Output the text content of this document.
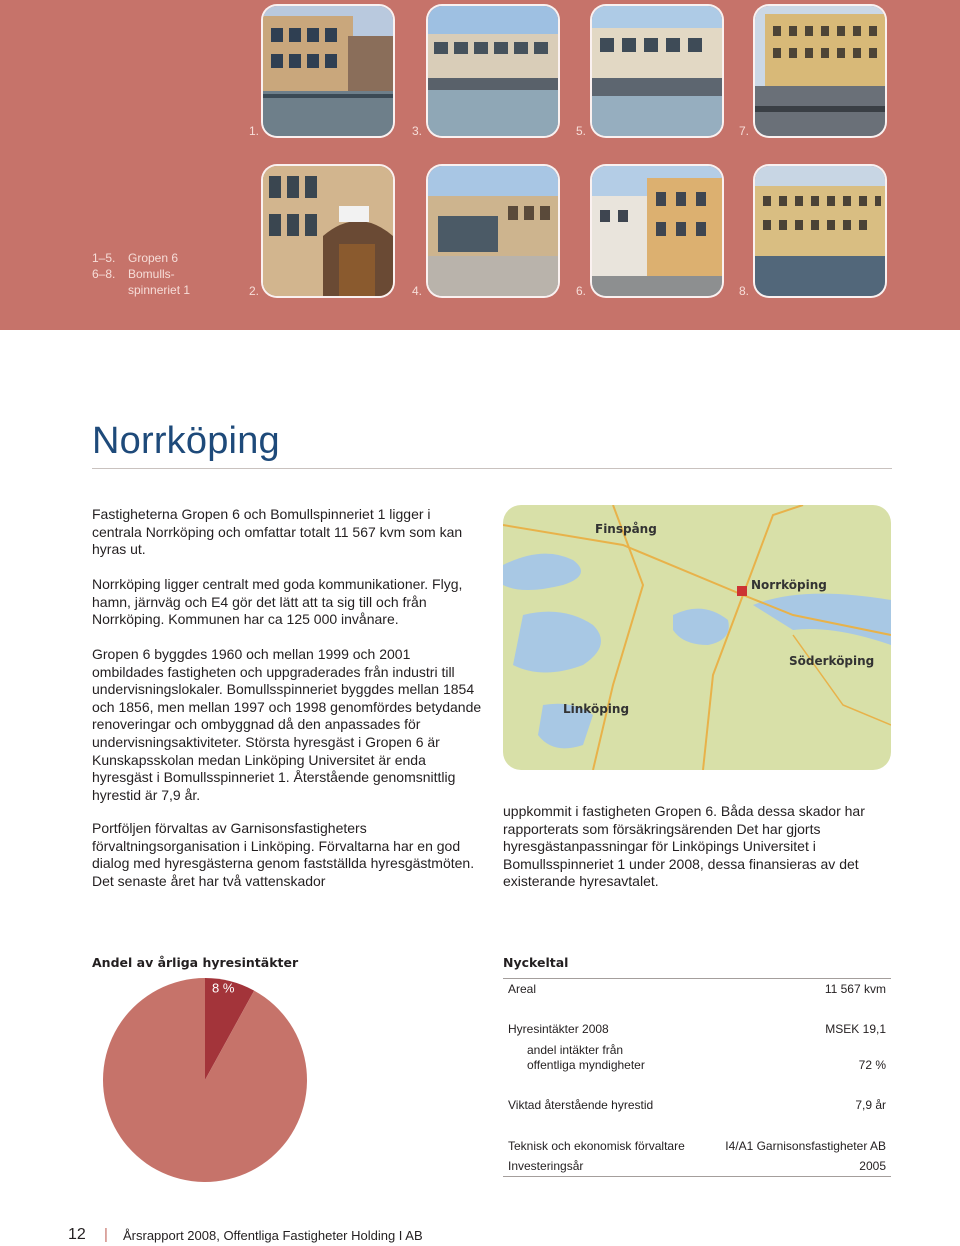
1.	3.	5.	7.
2.	4.	6.	8.
1–5.	Gropen 6
6–8.	Bomulls-
spinneriet 1
Norrköping
Fastigheterna Gropen 6 och Bomullspinneriet 1 ligger i centrala Norrköping och omfattar totalt 11 567 kvm som kan hyras ut.
Norrköping ligger centralt med goda kommunikationer. Flyg, hamn, järnväg och E4 gör det lätt att ta sig till och från Norrköping. Kommunen har ca 125 000 invånare.
Gropen 6 byggdes 1960 och mellan 1999 och 2001 ombildades fastigheten och uppgraderades från industri till undervisningslokaler. Bomullsspinneriet byggdes mellan 1854 och 1856, men mellan 1997 och 1998 genomfördes betydande renoveringar och ombyggnad då den anpassades för undervisningsaktiviteter. Största hyresgäst i Gropen 6 är Kunskapsskolan medan Linköping Universitet är enda hyresgäst i Bomullsspinneriet 1. Återstående genomsnittlig hyrestid är 7,9 år.
Portföljen förvaltas av Garnisonsfastigheters förvaltningsorganisation i Linköping. Förvaltarna har en god dialog med hyresgästerna genom fastställda hyresgästmöten. Det senaste året har två vattenskador
uppkommit i fastigheten Gropen 6. Båda dessa skador har rapporterats som försäkringsärenden Det har gjorts hyresgästanpassningar för Linköpings Universitet i Bomullsspinneriet 1 under 2008, dessa finansieras av det existerande hyresavtalet.
Finspång
Norrköping
Söderköping
Linköping
Andel av årliga hyresintäkter
8 %
Nyckeltal
Areal	11 567 kvm
Hyresintäkter 2008	MSEK 19,1
andel intäkter från
offentliga myndigheter	72 %
Viktad återstående hyrestid	7,9 år
Teknisk och ekonomisk förvaltare	I4/A1 Garnisonsfastigheter AB
Investeringsår	2005
12 | Årsrapport 2008, Offentliga Fastigheter Holding I AB
